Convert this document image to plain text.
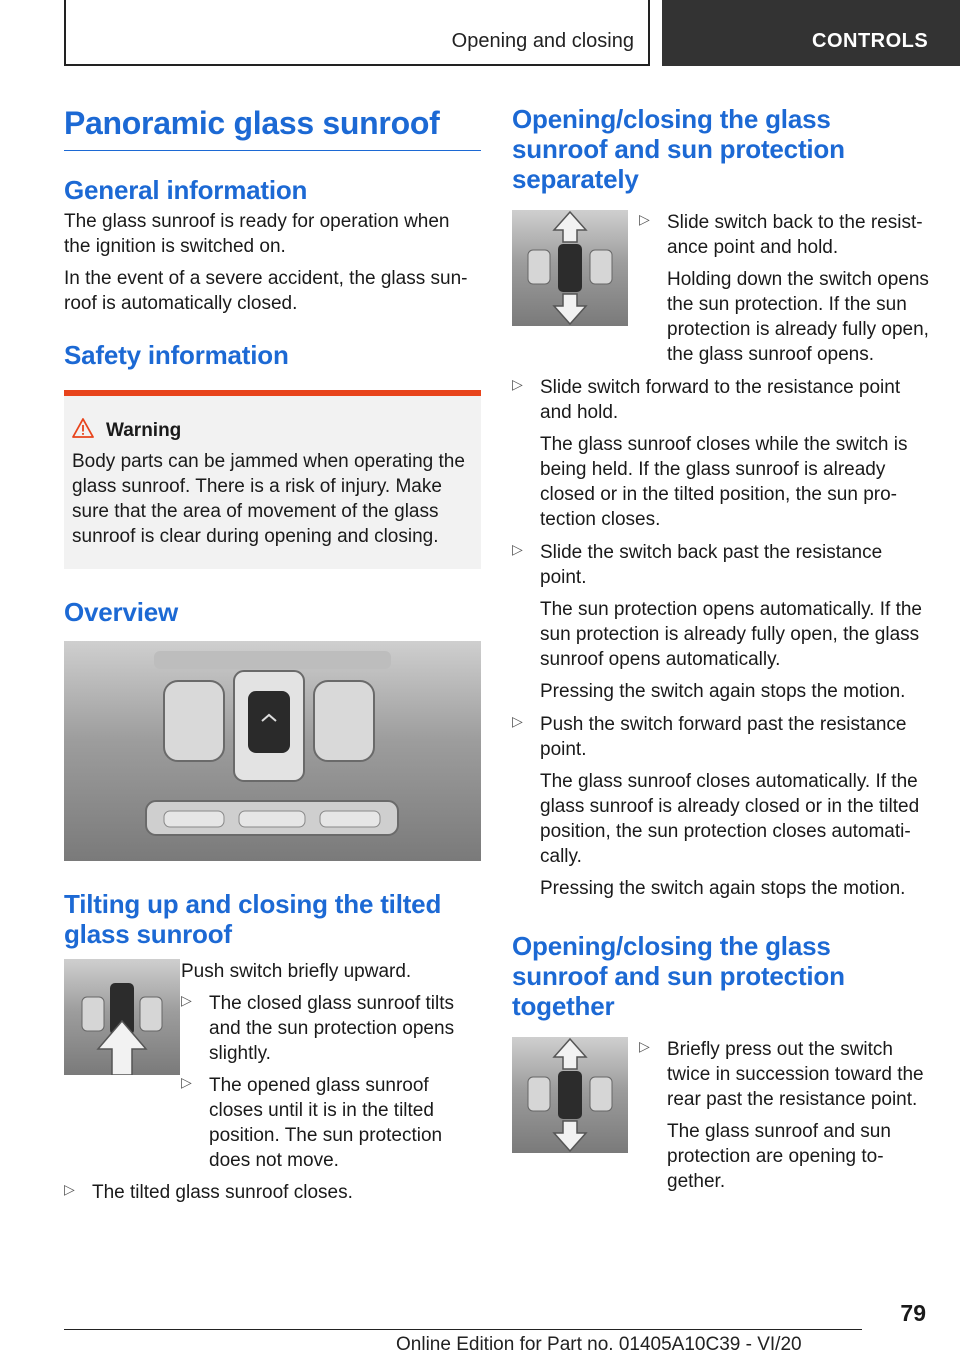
Opening and closing	CONTROLS
Panoramic glass sunroof
General information

The glass sunroof is ready for operation when the ignition is switched on.

In the event of a severe accident, the glass sun-roof is automatically closed.

Safety information
Warning

Body parts can be jammed when operating the glass sunroof. There is a risk of injury. Make sure that the area of movement of the glass sunroof is clear during opening and closing.

Overview
Tilting up and closing the tilted glass sunroof

Push switch briefly upward.

▷ The closed glass sunroof tilts and the sun protection opens slightly.

▷ The opened glass sunroof closes until it is in the tilted position. The sun protection does not move.

▷ The tilted glass sunroof closes.

Opening/closing the glass sunroof and sun protection separately
▷ Slide switch back to the resist-ance point and hold.

Holding down the switch opens the sun protection. If the sun protection is already fully open, the glass sunroof opens.

▷ Slide switch forward to the resistance point and hold.

The glass sunroof closes while the switch is being held. If the glass sunroof is already closed or in the tilted position, the sun pro-tection closes.

▷ Slide the switch back past the resistance point.

The sun protection opens automatically. If the sun protection is already fully open, the glass sunroof opens automatically.

Pressing the switch again stops the motion.

▷ Push the switch forward past the resistance point.

The glass sunroof closes automatically. If the glass sunroof is already closed or in the tilted position, the sun protection closes automati-cally.

Pressing the switch again stops the motion.

Opening/closing the glass sunroof and sun protection together
▷ Briefly press out the switch twice in succession toward the rear past the resistance point.

The glass sunroof and sun protection are opening to-gether.

79
Online Edition for Part no. 01405A10C39 - VI/20
